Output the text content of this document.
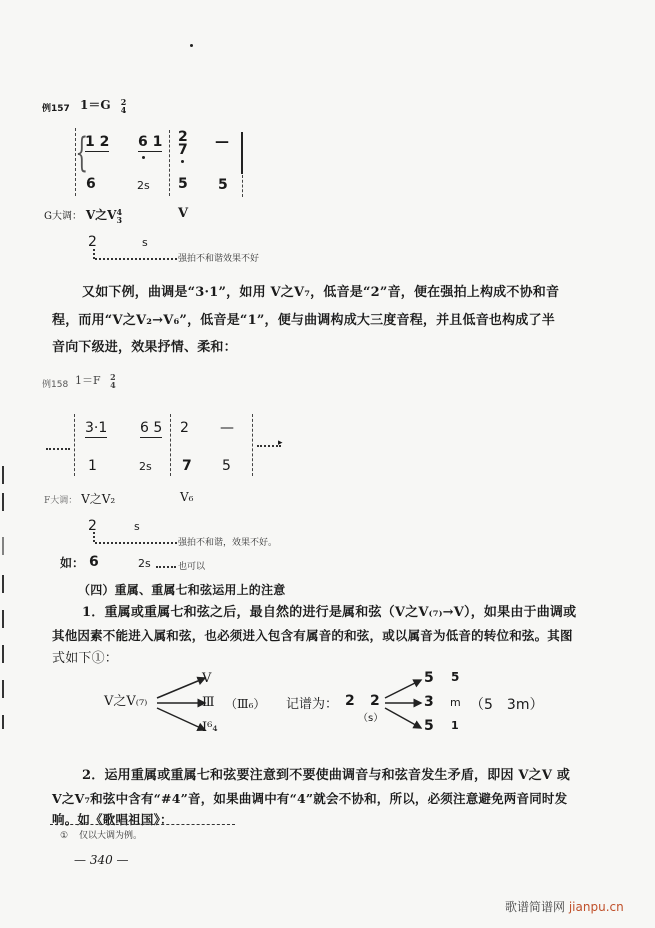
例157 1＝G 2
4
{
1 2 6 1 2
7 —
6	2s 5 5
G大调： V之V4
3	V
2	s
强拍不和谐效果不好
又如下例，曲调是“3·1”，如用 V之V₇，低音是“2”音，便在强拍上构成不协和音
程，而用“V之V₂→V₆”，低音是“1”，便与曲调构成大三度音程，并且低音也构成了半
音向下级进，效果抒情、柔和：
例158 1＝F 2
4
▸
3·1 6 5 2 —
1	2s 7 5
F大调： V之V₂	V₆
2	s
强拍不和谐，效果不好。
如： 6	2s	也可以
（四）重属、重属七和弦运用上的注意
1．重属或重属七和弦之后，最自然的进行是属和弦（V之V₍₇₎→V），如果由于曲调或
其他因素不能进入属和弦，也必须进入包含有属音的和弦，或以属音为低音的转位和弦。其图
式如下①：
V之V₍₇₎
V
Ⅲ （Ⅲ₆）
Ⅰ⁶₄
记谱为： 2 2
（s）
5 5
3 m （5　3m）
5 1
2．运用重属或重属七和弦要注意到不要使曲调音与和弦音发生矛盾，即因 V之V 或
V之V₇和弦中含有“#4”音，如果曲调中有“4”就会不协和，所以，必须注意避免两音同时发
响。如《歌唱祖国》：
① 仅以大调为例。
— 340 —
歌谱简谱网 jianpu.cn
